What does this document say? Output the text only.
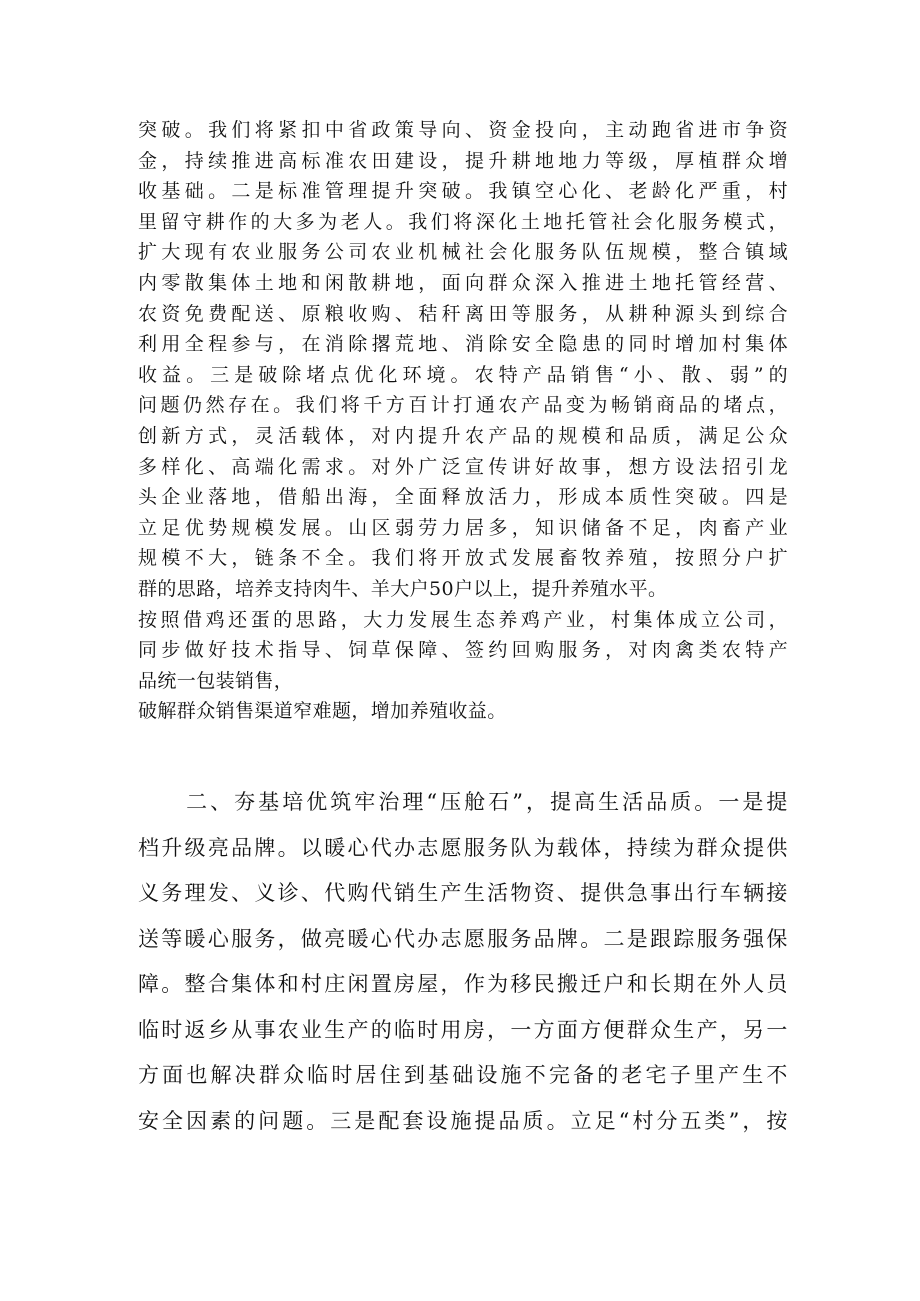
突破。我们将紧扣中省政策导向、资金投向，主动跑省进市争资
金，持续推进高标准农田建设，提升耕地地力等级，厚植群众增
收基础。二是标准管理提升突破。我镇空心化、老龄化严重，村
里留守耕作的大多为老人。我们将深化土地托管社会化服务模式，
扩大现有农业服务公司农业机械社会化服务队伍规模，整合镇域
内零散集体土地和闲散耕地，面向群众深入推进土地托管经营、
农资免费配送、原粮收购、秸秆离田等服务，从耕种源头到综合
利用全程参与，在消除撂荒地、消除安全隐患的同时增加村集体
收益。三是破除堵点优化环境。农特产品销售“小、散、弱”的
问题仍然存在。我们将千方百计打通农产品变为畅销商品的堵点，
创新方式，灵活载体，对内提升农产品的规模和品质，满足公众
多样化、高端化需求。对外广泛宣传讲好故事，想方设法招引龙
头企业落地，借船出海，全面释放活力，形成本质性突破。四是
立足优势规模发展。山区弱劳力居多，知识储备不足，肉畜产业
规模不大，链条不全。我们将开放式发展畜牧养殖，按照分户扩
群的思路，培养支持肉牛、羊大户50户以上，提升养殖水平。
按照借鸡还蛋的思路，大力发展生态养鸡产业，村集体成立公司，
同步做好技术指导、饲草保障、签约回购服务，对肉禽类农特产
品统一包装销售，
破解群众销售渠道窄难题，增加养殖收益。
　　二、夯基培优筑牢治理“压舱石”，提高生活品质。一是提
档升级亮品牌。以暖心代办志愿服务队为载体，持续为群众提供
义务理发、义诊、代购代销生产生活物资、提供急事出行车辆接
送等暖心服务，做亮暖心代办志愿服务品牌。二是跟踪服务强保
障。整合集体和村庄闲置房屋，作为移民搬迁户和长期在外人员
临时返乡从事农业生产的临时用房，一方面方便群众生产，另一
方面也解决群众临时居住到基础设施不完备的老宅子里产生不
安全因素的问题。三是配套设施提品质。立足“村分五类”，按
